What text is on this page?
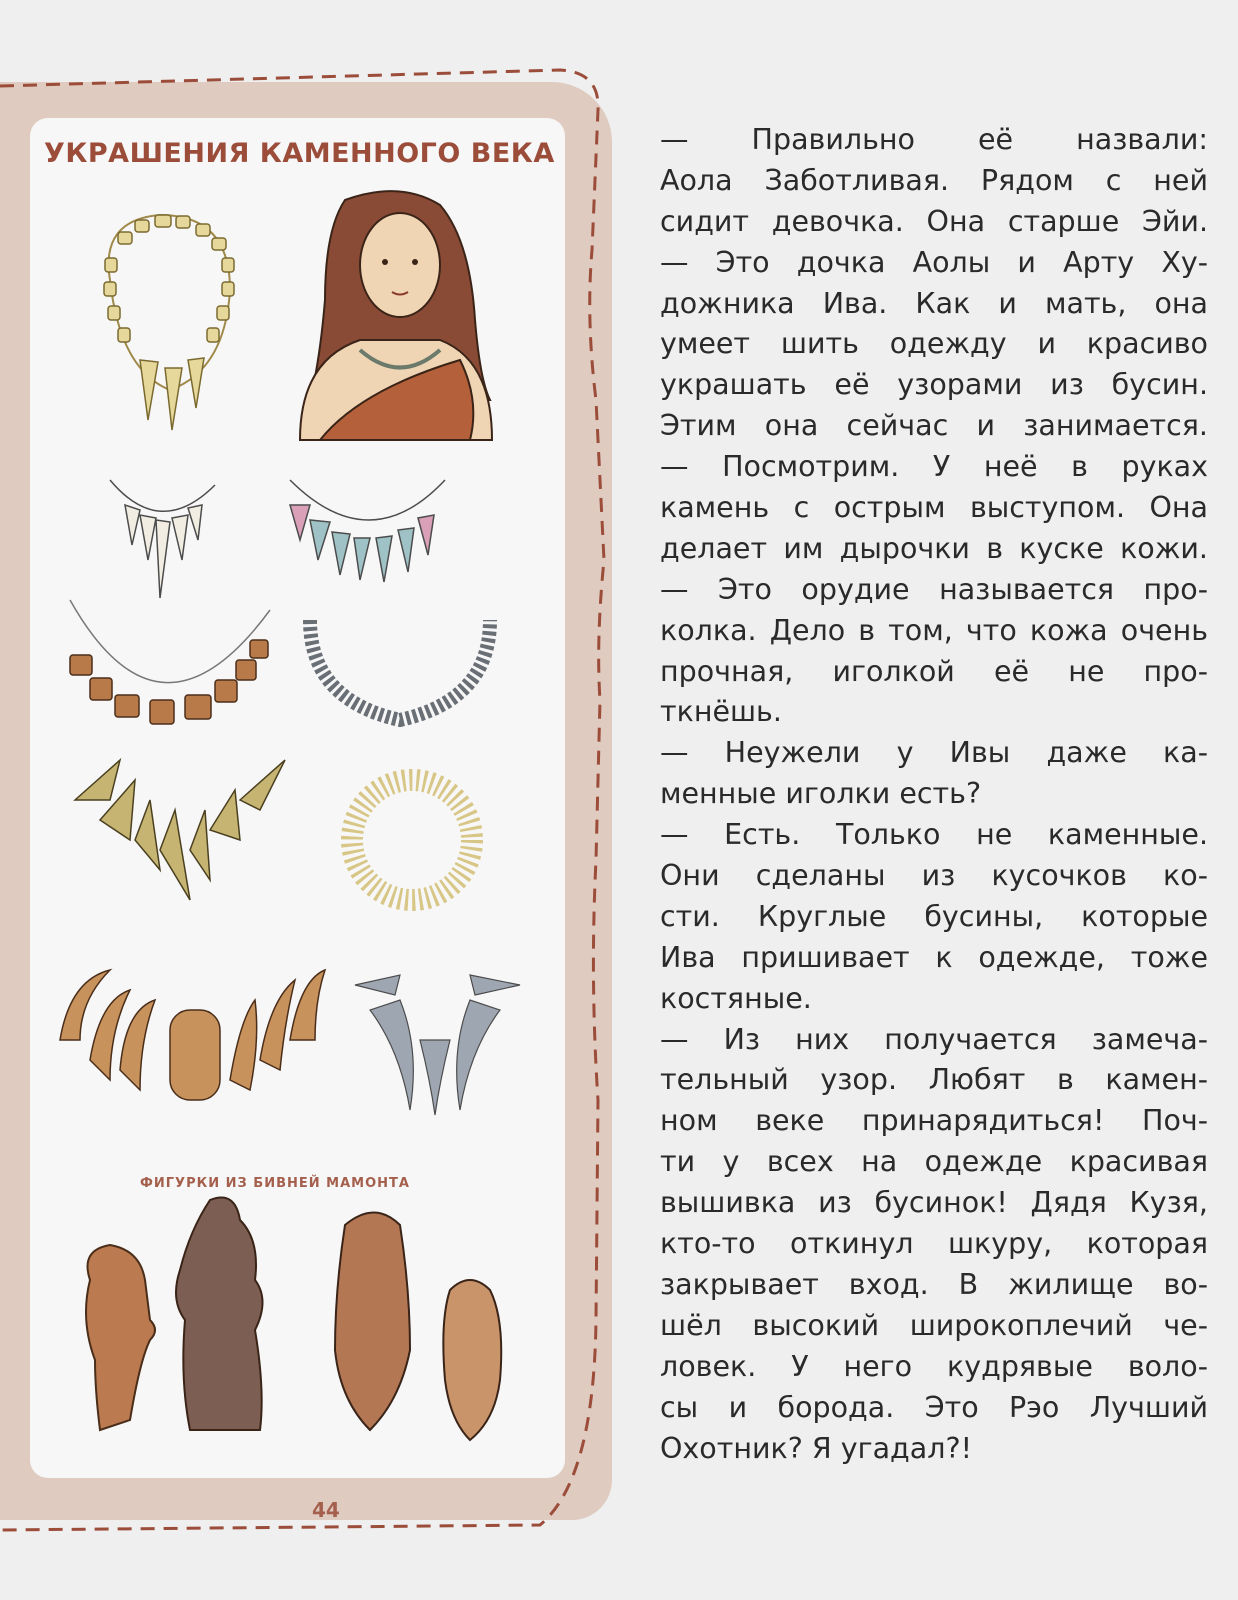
УКРАШЕНИЯ КАМЕННОГО ВЕКА
ФИГУРКИ ИЗ БИВНЕЙ МАМОНТА
44
— Правильно её назвали:
Аола Заботливая. Рядом с ней
сидит девочка. Она старше Эйи.
— Это дочка Аолы и Арту Ху-
дожника Ива. Как и мать, она
умеет шить одежду и красиво
украшать её узорами из бусин.
Этим она сейчас и занимается.
— Посмотрим. У неё в руках
камень с острым выступом. Она
делает им дырочки в куске кожи.
— Это орудие называется про-
колка. Дело в том, что кожа очень
прочная, иголкой её не про-
ткнёшь.
— Неужели у Ивы даже ка-
менные иголки есть?
— Есть. Только не каменные.
Они сделаны из кусочков ко-
сти. Круглые бусины, которые
Ива пришивает к одежде, тоже
костяные.
— Из них получается замеча-
тельный узор. Любят в камен-
ном веке принарядиться! Поч-
ти у всех на одежде красивая
вышивка из бусинок! Дядя Кузя,
кто-то откинул шкуру, которая
закрывает вход. В жилище во-
шёл высокий широкоплечий че-
ловек. У него кудрявые воло-
сы и борода. Это Рэо Лучший
Охотник? Я угадал?!
